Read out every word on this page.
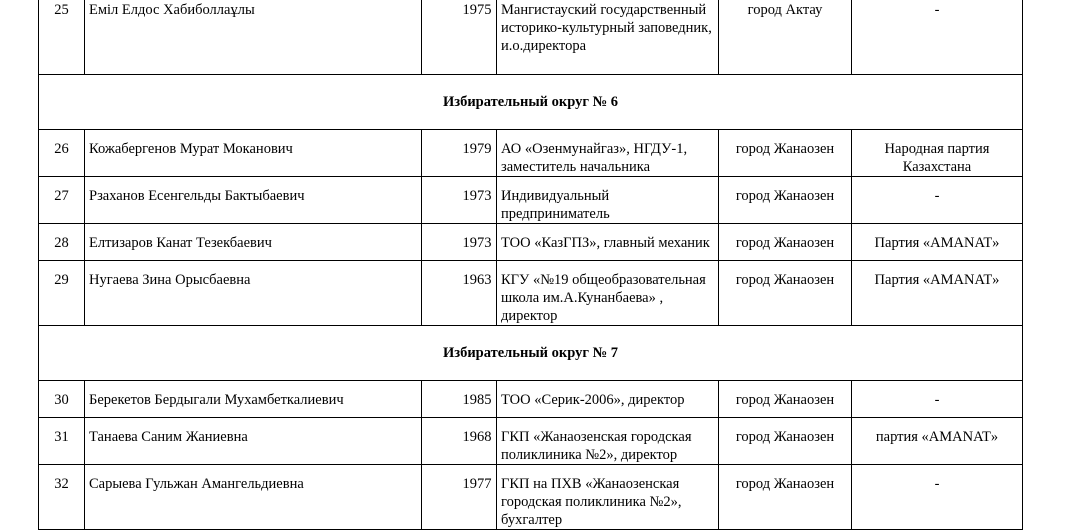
25	Еміл Елдос Хабиболлаұлы	1975	Мангистауский государственный историко-культурный заповедник, и.о.директора	город Актау	-
Избирательный округ № 6					
26	Кожабергенов Мурат Моканович	1979	АО «Озенмунайгаз», НГДУ-1, заместитель начальника	город Жанаозен	Народная партия Казахстана
27	Рзаханов Есенгельды Бактыбаевич	1973	Индивидуальный предприниматель	город Жанаозен	-
28	Елтизаров Канат Тезекбаевич	1973	ТОО «КазГПЗ», главный механик	город Жанаозен	Партия «AMANAT»
29	Нугаева Зина Орысбаевна	1963	КГУ «№19 общеобразовательная школа им.А.Кунанбаева» , директор	город Жанаозен	Партия «AMANAT»
Избирательный округ № 7					
30	Берекетов Бердыгали Мухамбеткалиевич	1985	ТОО «Серик-2006», директор	город Жанаозен	-
31	Танаева Саним Жаниевна	1968	ГКП «Жанаозенская городская поликлиника №2», директор	город Жанаозен	партия «AMANAT»
32	Сарыева Гульжан Амангельдиевна	1977	ГКП на ПХВ «Жанаозенская городская поликлиника №2», бухгалтер	город Жанаозен	-
